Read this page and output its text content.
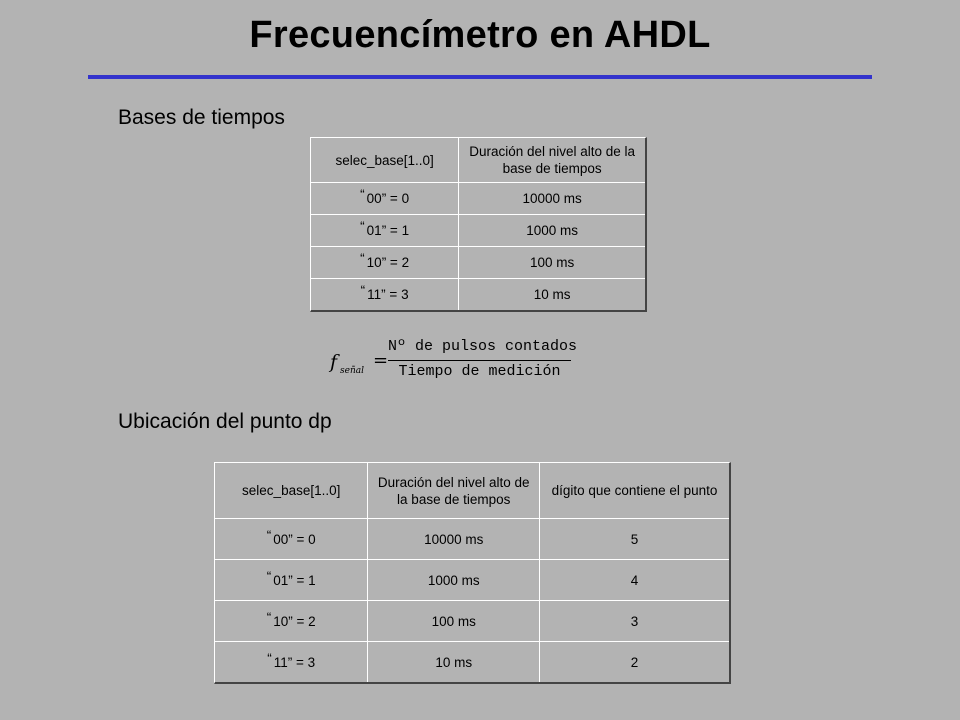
Frecuencímetro en AHDL
Bases de tiempos
selec_base[1..0]	Duración del nivel alto de la base de tiempos
“ 00” = 0	10000 ms
“ 01” = 1	1000 ms
“ 10” = 2	100 ms
“ 11” = 3	10 ms
f señal =
Nº de pulsos contados
Tiempo de medición
Ubicación del punto dp
selec_base[1..0]	Duración del nivel alto de la base de tiempos	dígito que contiene el punto
“ 00” = 0	10000 ms	5
“ 01” = 1	1000 ms	4
“ 10” = 2	100 ms	3
“ 11” = 3	10 ms	2
